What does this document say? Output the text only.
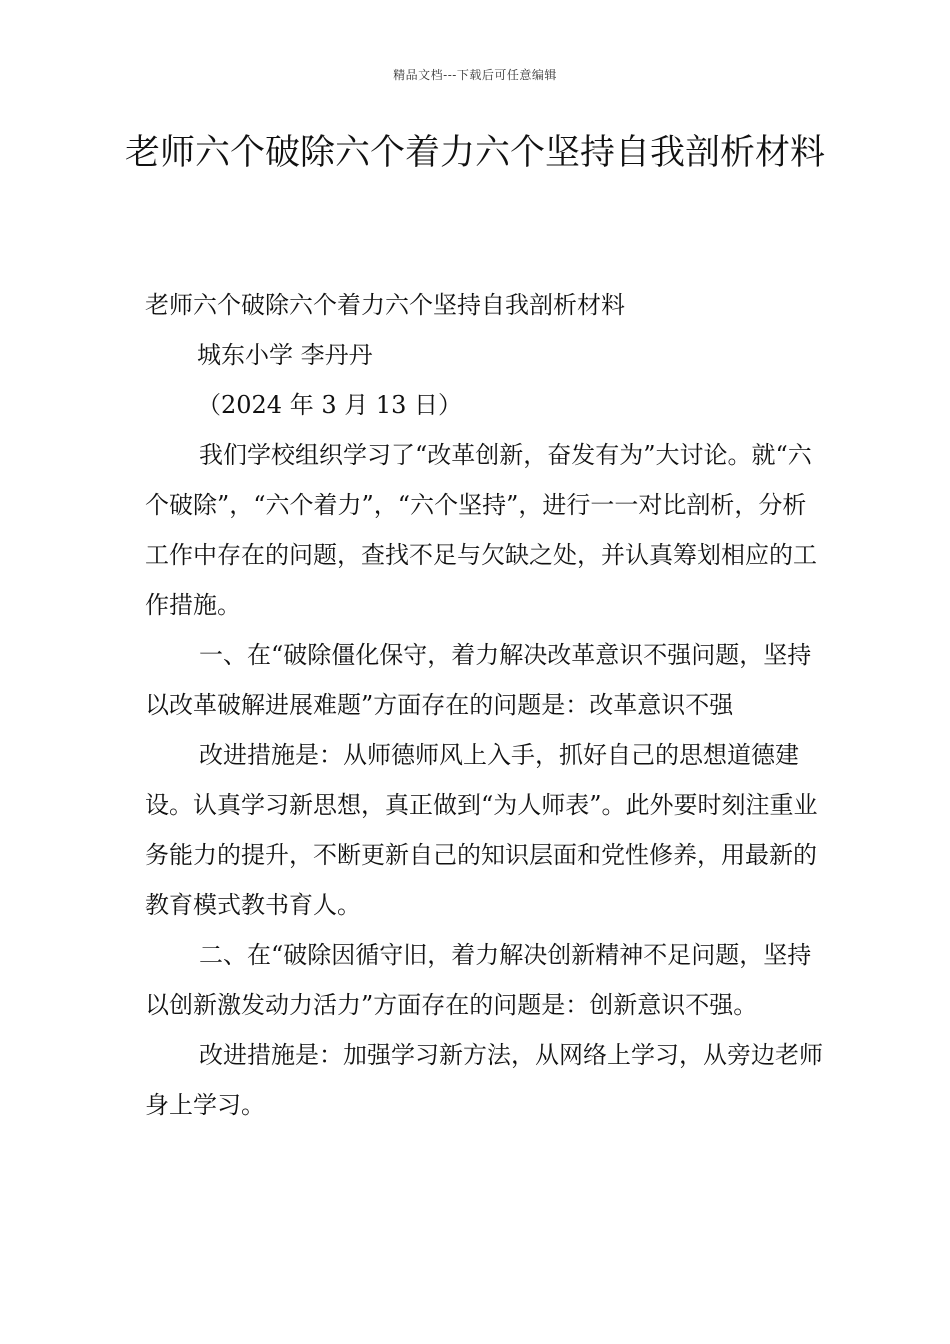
精品文档---下载后可任意编辑
老师六个破除六个着力六个坚持自我剖析材料

老师六个破除六个着力六个坚持自我剖析材料

城东小学 李丹丹

（2024 年 3 月 13 日）

我们学校组织学习了“改革创新，奋发有为”大讨论。就“六个破除”，“六个着力”，“六个坚持”，进行一一对比剖析，分析工作中存在的问题，查找不足与欠缺之处，并认真筹划相应的工作措施。

一、在“破除僵化保守，着力解决改革意识不强问题，坚持以改革破解进展难题”方面存在的问题是：改革意识不强

改进措施是：从师德师风上入手，抓好自己的思想道德建设。认真学习新思想，真正做到“为人师表”。此外要时刻注重业务能力的提升，不断更新自己的知识层面和党性修养，用最新的教育模式教书育人。

二、在“破除因循守旧，着力解决创新精神不足问题，坚持以创新激发动力活力”方面存在的问题是：创新意识不强。

改进措施是：加强学习新方法，从网络上学习，从旁边老师身上学习。
